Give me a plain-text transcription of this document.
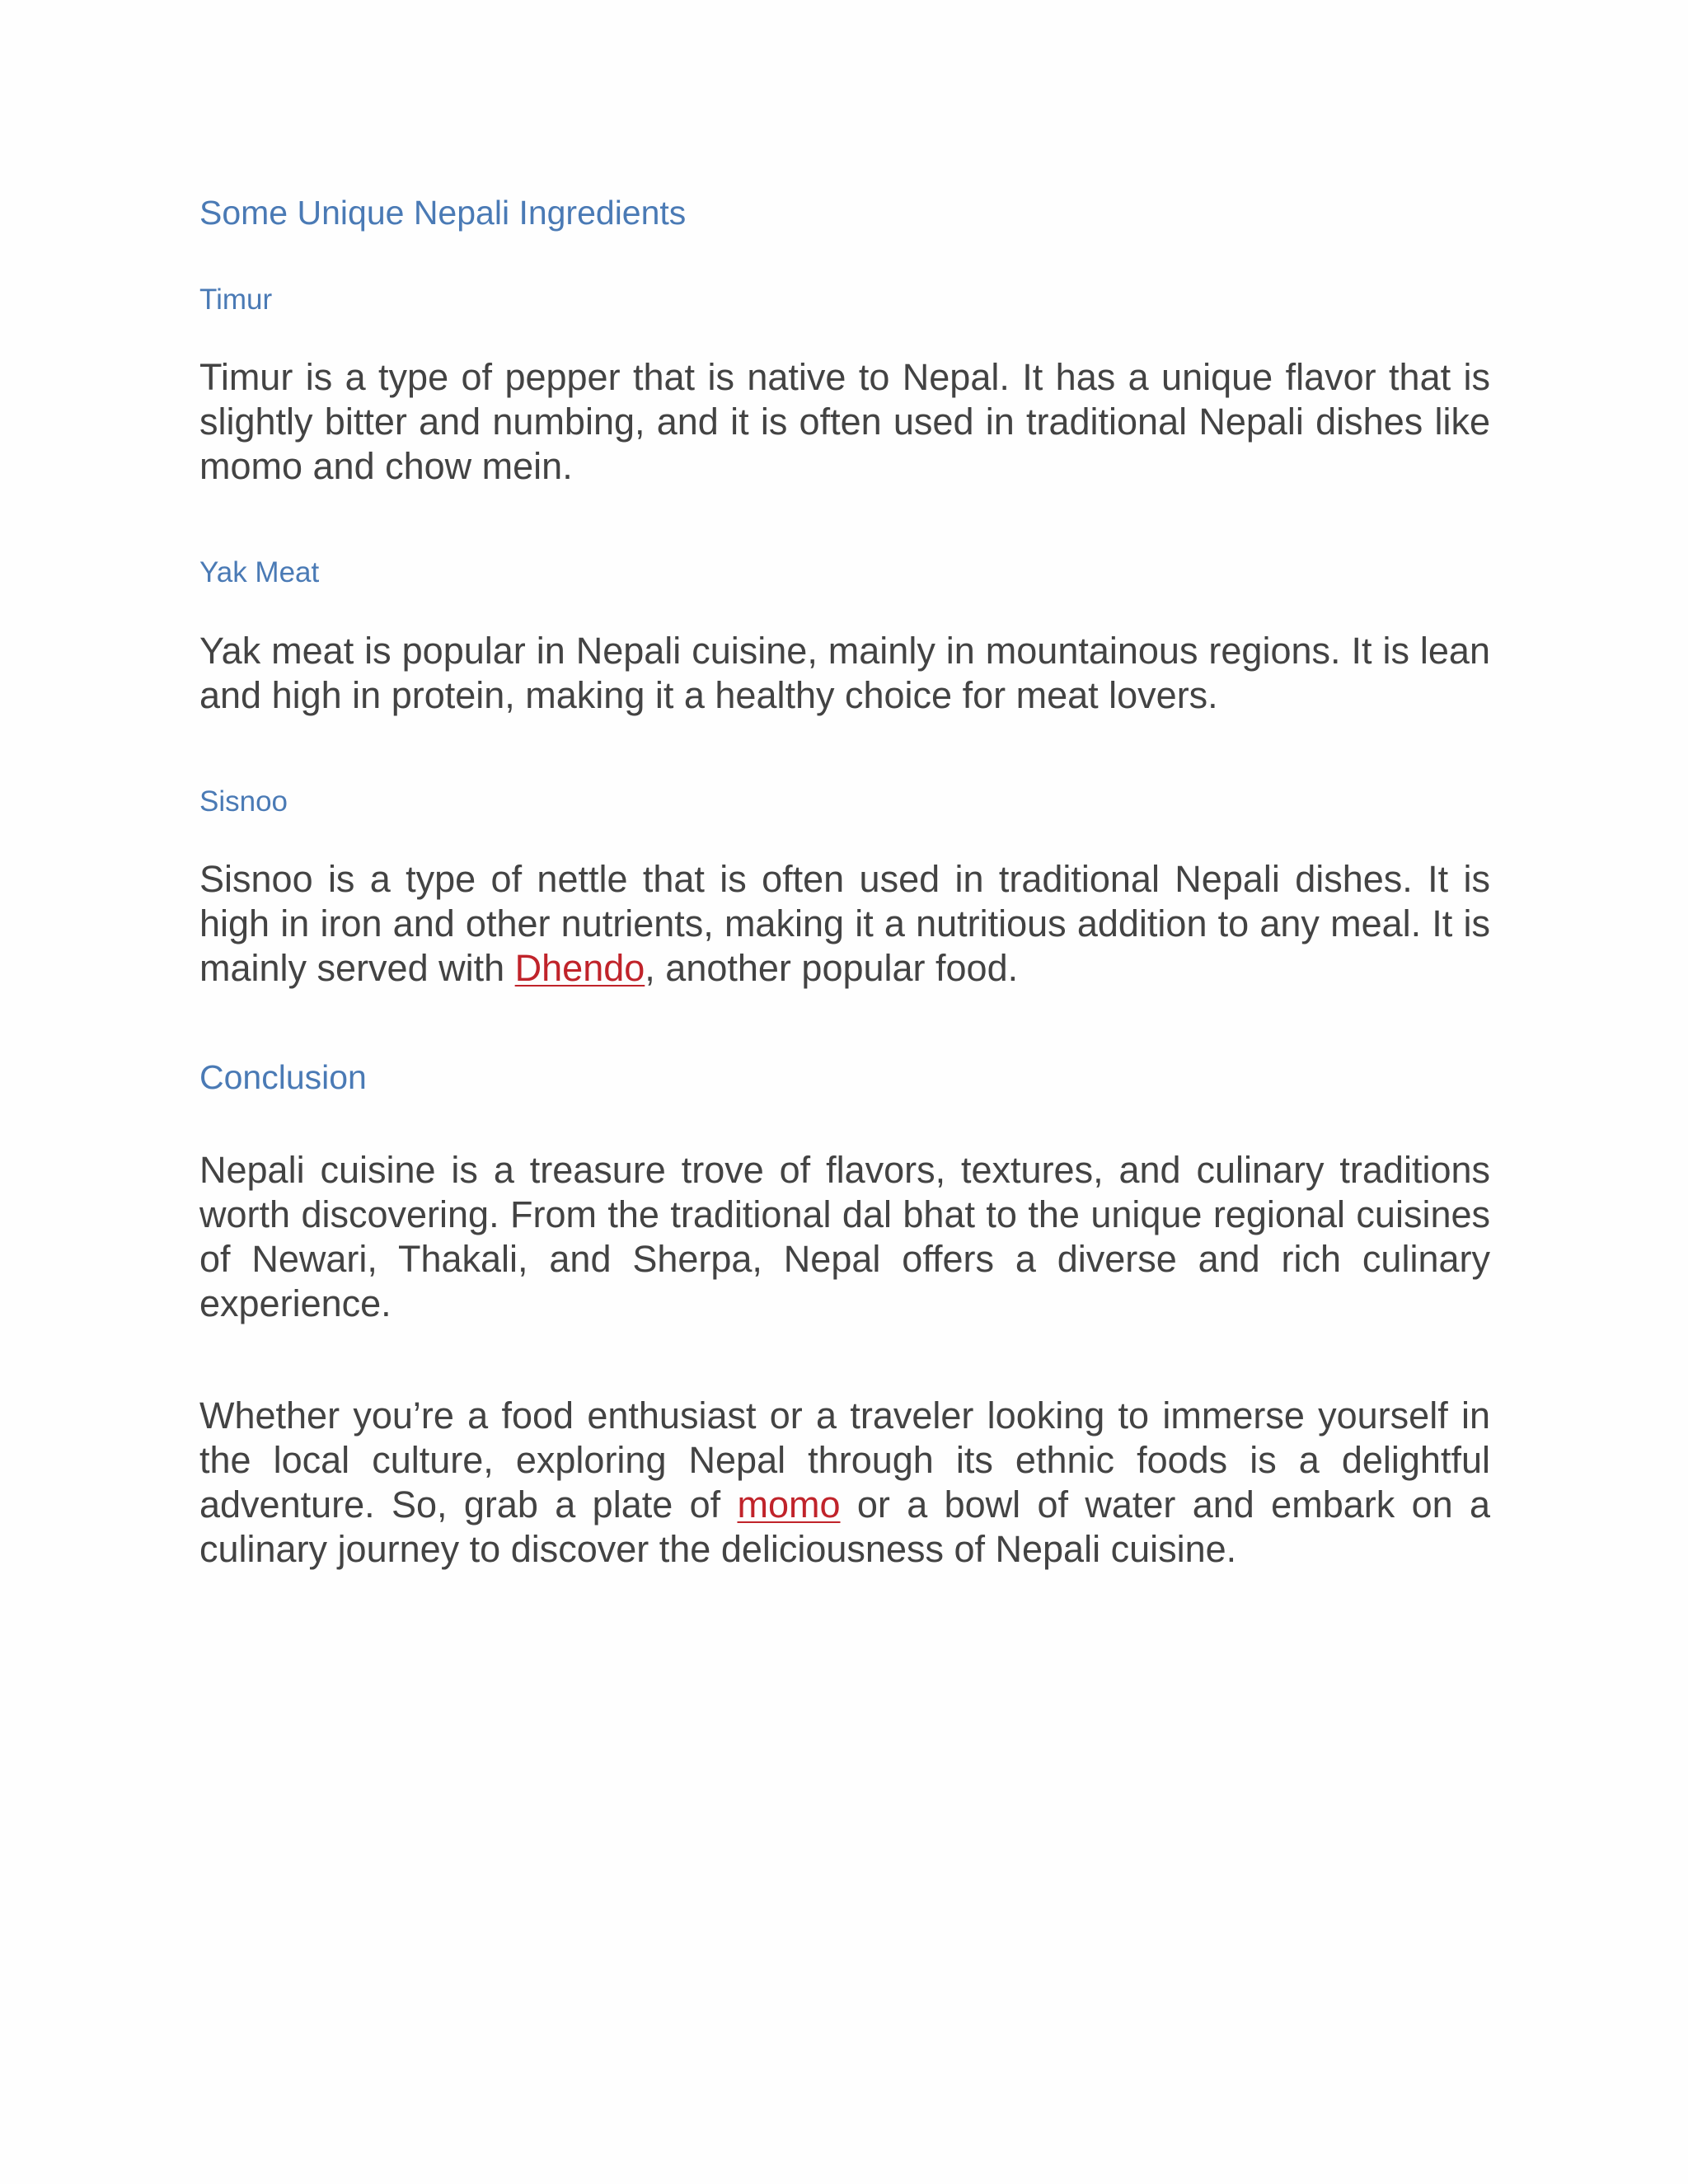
Some Unique Nepali Ingredients
Timur

Timur is a type of pepper that is native to Nepal. It has a unique flavor that is slightly bitter and numbing, and it is often used in traditional Nepali dishes like momo and chow mein.

Yak Meat

Yak meat is popular in Nepali cuisine, mainly in mountainous regions. It is lean and high in protein, making it a healthy choice for meat lovers.

Sisnoo

Sisnoo is a type of nettle that is often used in traditional Nepali dishes. It is high in iron and other nutrients, making it a nutritious addition to any meal. It is mainly served with Dhendo, another popular food.

Conclusion

Nepali cuisine is a treasure trove of flavors, textures, and culinary traditions worth discovering. From the traditional dal bhat to the unique regional cuisines of Newari, Thakali, and Sherpa, Nepal offers a diverse and rich culinary experience.

Whether you’re a food enthusiast or a traveler looking to immerse yourself in the local culture, exploring Nepal through its ethnic foods is a delightful adventure. So, grab a plate of momo or a bowl of water and embark on a culinary journey to discover the deliciousness of Nepali cuisine.
